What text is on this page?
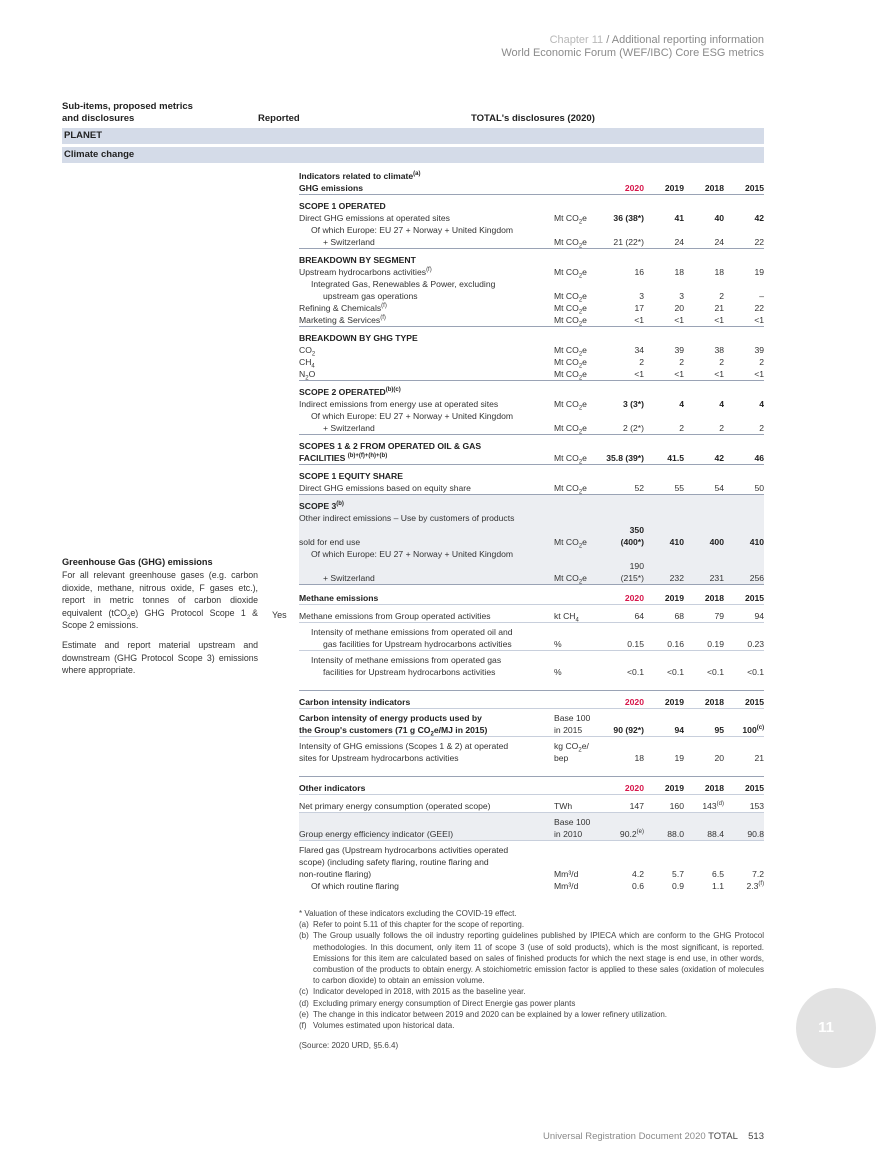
Chapter 11 / Additional reporting information
World Economic Forum (WEF/IBC) Core ESG metrics
Sub-items, proposed metrics
and disclosures	Reported	TOTAL's disclosures (2020)
PLANET
Climate change
Greenhouse Gas (GHG) emissions
For all relevant greenhouse gases (e.g. carbon dioxide, methane, nitrous oxide, F gases etc.), report in metric tonnes of carbon dioxide equivalent (tCO$_2$e) GHG Protocol Scope 1 & Scope 2 emissions.
Estimate and report material upstream and downstream (GHG Protocol Scope 3) emissions where appropriate.
Yes
Indicators related to climate$^{(a)}$
GHG emissions		2020	2019	2018	2015
SCOPE 1 OPERATED					
Direct GHG emissions at operated sites	Mt $CO_2e$	36 (38*)	41	40	42
Of which Europe: EU 27 + Norway + United Kingdom					
+ Switzerland	Mt $CO_2e$	21 (22*)	24	24	22
BREAKDOWN BY SEGMENT					
Upstream hydrocarbons activities$^{(f)}$	Mt $CO_2e$	16	18	18	19
Integrated Gas, Renewables & Power, excluding					
upstream gas operations	Mt $CO_2e$	3	3	2	–
Refining & Chemicals$^{(f)}$	Mt $CO_2e$	17	20	21	22
Marketing & Services$^{(f)}$	Mt $CO_2e$	<1	<1	<1	<1
BREAKDOWN BY GHG TYPE					
$CO_2$	Mt $CO_2e$	34	39	38	39
$CH_4$	Mt $CO_2e$	2	2	2	2
$N_2O$	Mt $CO_2e$	<1	<1	<1	<1
SCOPE 2 $OPERATED^{(b)(c)}$
Indirect emissions from energy use at operated sites	Mt $CO_2e$	3 (3*)	4	4	4
Of which Europe: EU 27 + Norway + United Kingdom					
+ Switzerland	Mt $CO_2e$	2 (2*)	2	2	2
SCOPES 1 & 2 FROM OPERATED OIL & GAS					
FACILITIES $^{(b)+(f)+(h)+(b)}$	Mt $CO_2e$	35.8 (39*)	41.5	42	46
SCOPE 1 EQUITY SHARE					
Direct GHG emissions based on equity share	Mt $CO_2e$	52	55	54	50
SCOPE 3$^{(b)}$
Other indirect emissions – Use by customers of products					
sold for end use	Mt $CO_2e$	350 (400*)	410	400	410
Of which Europe: EU 27 + Norway + United Kingdom					
+ Switzerland	Mt $CO_2e$	190 (215*)	232	231	256
Methane emissions		2020	2019	2018	2015
Methane emissions from Group operated activities	kt $CH_4$	64	68	79	94
Intensity of methane emissions from operated oil and					
gas facilities for Upstream hydrocarbons activities	%	0.15	0.16	0.19	0.23
Intensity of methane emissions from operated gas					
facilities for Upstream hydrocarbons activities	%	<0.1	<0.1	<0.1	<0.1

Carbon intensity indicators		2020	2019	2018	2015
Carbon intensity of energy products used by	Base 100				
the Group's customers (71 g $CO_2e/MJ$ in 2015)	in 2015	90 (92*)	94	95	100$^{(c)}$
Intensity of GHG emissions (Scopes 1 & 2) at operated	kg $CO_2e/$				
sites for Upstream hydrocarbons activities	bep	18	19	20	21

Other indicators		2020	2019	2018	2015
Net primary energy consumption (operated scope)	TWh	147	160	143$^{(d)}$	153
	Base 100				
Group energy efficiency indicator (GEEI)	in 2010	90.2$^{(e)}$	88.0	88.4	90.8
Flared gas (Upstream hydrocarbons activities operated					
scope) (including safety flaring, routine flaring and					
non-routine flaring)	Mm³/d	4.2	5.7	6.5	7.2
Of which routine flaring	Mm³/d	0.6	0.9	1.1	2.3$^{(f)}$
* Valuation of these indicators excluding the COVID-19 effect.
(a) Refer to point 5.11 of this chapter for the scope of reporting.
(b) The Group usually follows the oil industry reporting guidelines published by IPIECA which are conform to the GHG Protocol methodologies. In this document, only item 11 of scope 3 (use of sold products), which is the most significant, is reported. Emissions for this item are calculated based on sales of finished products for which the next stage is end use, in other words, combustion of the products to obtain energy. A stoichiometric emission factor is applied to these sales (oxidation of molecules to carbon dioxide) to obtain an emission volume.
(c) Indicator developed in 2018, with 2015 as the baseline year.
(d) Excluding primary energy consumption of Direct Energie gas power plants
(e) The change in this indicator between 2019 and 2020 can be explained by a lower refinery utilization.
(f) Volumes estimated upon historical data.
(Source: 2020 URD, §5.6.4)
11
Universal Registration Document 2020 TOTAL 513
